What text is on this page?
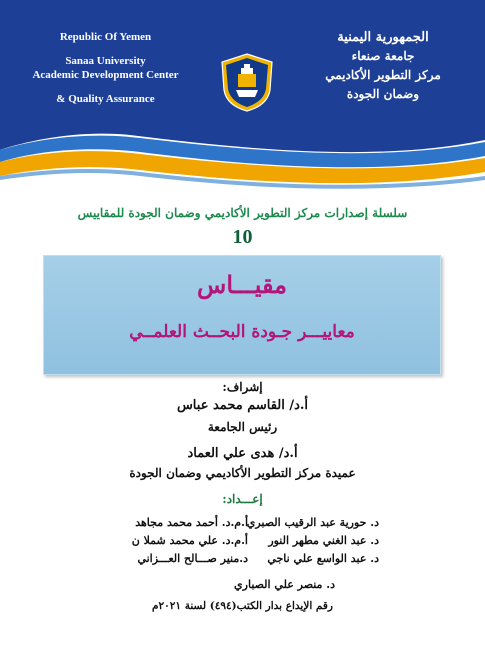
Republic Of Yemen
Sanaa University
Academic Development Center
& Quality Assurance
الجمهورية اليمنية
جامعة صنعاء
مركز التطوير الأكاديمي
وضمان الجودة
سلسلة إصدارات مركز التطوير الأكاديمي وضمان الجودة للمقاييس
10
مقيـــاس
معاييـــر جـودة البحــث العلمــي
إشراف:
أ.د/ القاسم محمد عباس
رئيس الجامعة
أ.د/ هدى علي العماد
عميدة مركز التطوير الأكاديمي وضمان الجودة
إعـــداد:
د. حورية عبد الرقيب الصبري
د. عبد الغني مطهر النور
د. عبد الواسع علي ناجي
أ.م.د. أحمد محمد مجاهد
أ.م.د. علي محمد شملا ن
د.منير صـــالح العـــزاني
د. منصر علي الصباري
رقم الإيداع بدار الكتب(٤٩٤) لسنة ٢٠٢١م
